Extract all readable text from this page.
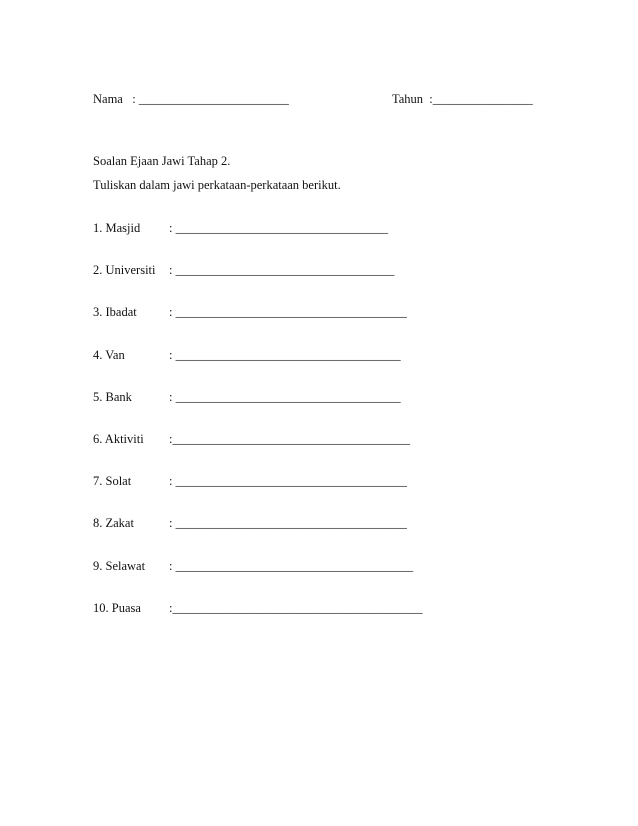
Nama   : ________________________	Tahun  :________________
Soalan Ejaan Jawi Tahap 2.
Tuliskan dalam jawi perkataan-perkataan berikut.
1. Masjid : __________________________________
2. Universiti : ___________________________________
3. Ibadat	: _____________________________________
4. Van	: ____________________________________
5. Bank	: ____________________________________
6. Aktiviti :______________________________________
7. Solat	: _____________________________________
8. Zakat	: _____________________________________
9. Selawat : ______________________________________
10. Puasa :________________________________________
